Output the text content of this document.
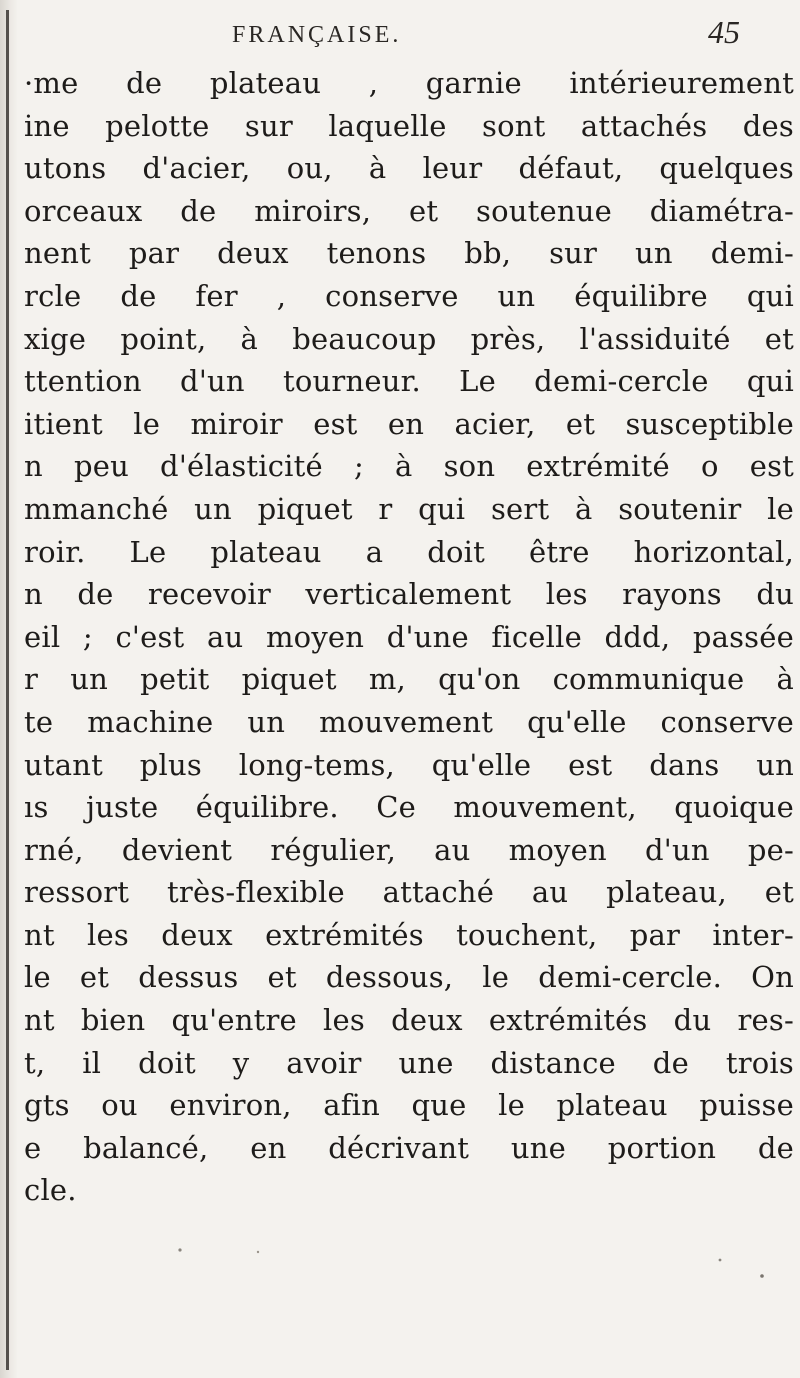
FRANÇAISE.	45
·me de plateau , garnie intérieurement
ine pelotte sur laquelle sont attachés des
utons d'acier, ou, à leur défaut, quelques
orceaux de miroirs, et soutenue diamétra-
nent par deux tenons bb, sur un demi-
rcle de fer , conserve un équilibre qui
xige point, à beaucoup près, l'assiduité et
ttention d'un tourneur. Le demi-cercle qui
itient le miroir est en acier, et susceptible
n peu d'élasticité ; à son extrémité o est
mmanché un piquet r qui sert à soutenir le
roir. Le plateau a doit être horizontal,
n de recevoir verticalement les rayons du
eil ; c'est au moyen d'une ficelle ddd, passée
r un petit piquet m, qu'on communique à
te machine un mouvement qu'elle conserve
utant plus long-tems, qu'elle est dans un
ıs juste équilibre. Ce mouvement, quoique
rné, devient régulier, au moyen d'un pe-
ressort très-flexible attaché au plateau, et
nt les deux extrémités touchent, par inter-
le et dessus et dessous, le demi-cercle. On
nt bien qu'entre les deux extrémités du res-
t, il doit y avoir une distance de trois
gts ou environ, afin que le plateau puisse
e balancé, en décrivant une portion de
cle.
